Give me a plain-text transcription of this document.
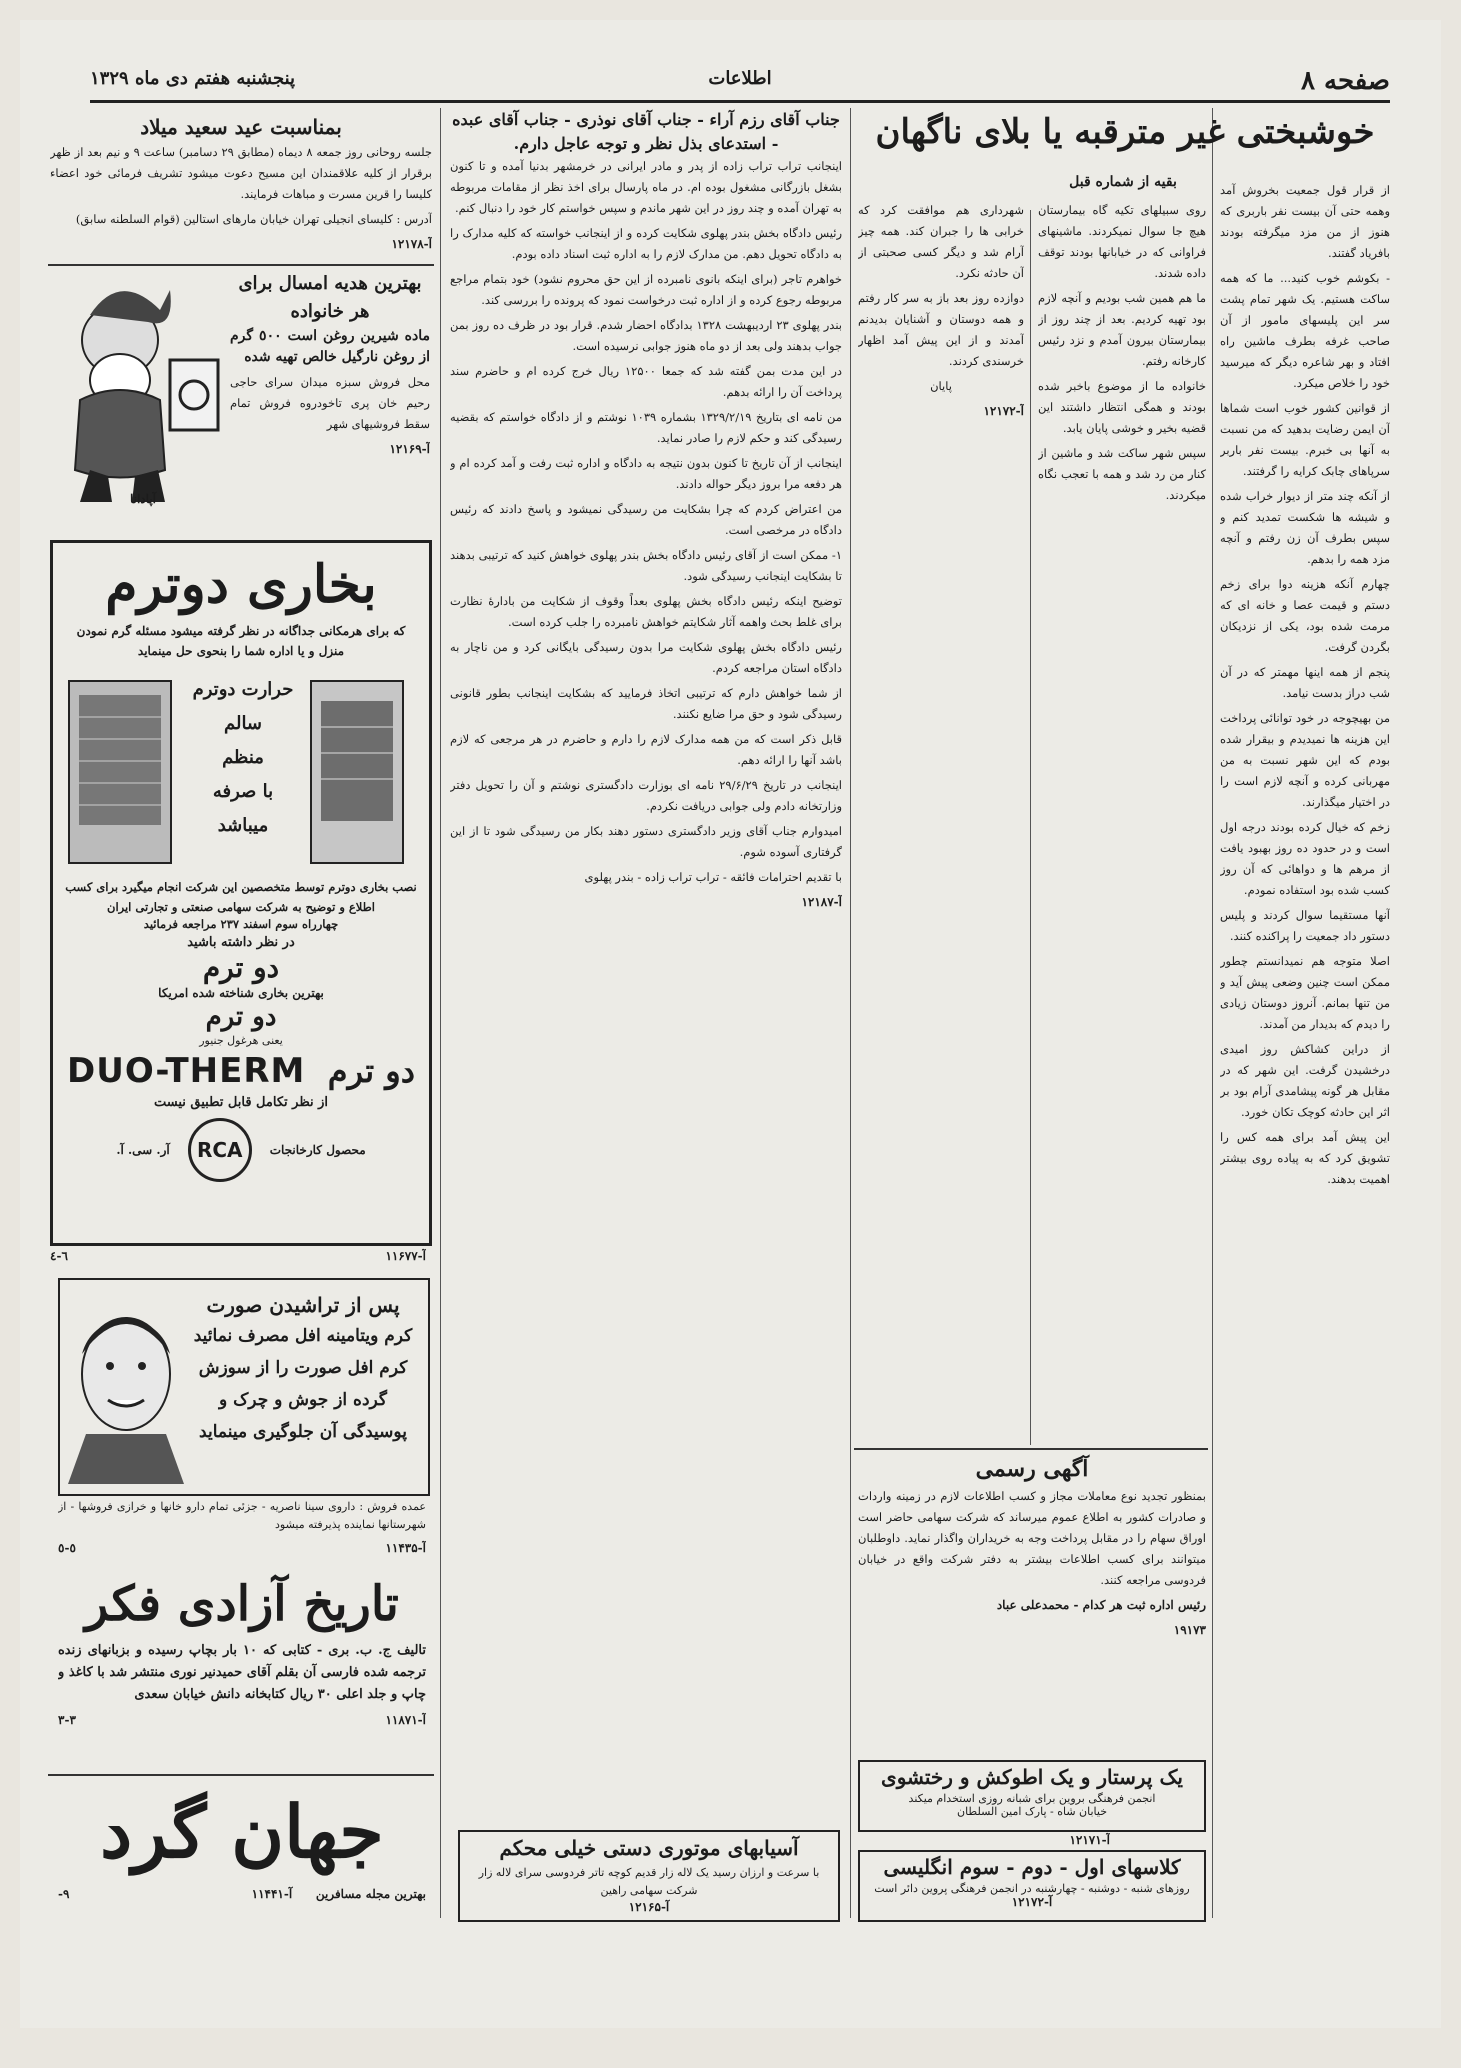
صفحه ۸
اطلاعات
پنجشنبه هفتم دی ماه ۱۳۲۹
خوشبختی غیر مترقبه یا بلای ناگهان
بقیه از شماره قبل	از قرار قول جمعیت بخروش آمد وهمه حتی آن بیست نفر باربری که هنوز از من مزد میگرفته بودند بافریاد گفتند.

- بکوشم خوب کنید... ما که همه ساکت هستیم. یک شهر تمام پشت سر این پلیسهای مامور از آن صاحب غرفه بطرف ماشین راه افتاد و بهر شاعره دیگر که میرسید خود را خلاص میکرد.

از قوانین کشور خوب است شماها آن ایمن رضایت بدهید که من نسبت به آنها بی خبرم. بیست نفر باربر سرپاهای چابک کرایه را گرفتند.

از آنکه چند متر از دیوار خراب شده و شیشه ها شکست تمدید کنم و سپس بطرف آن زن رفتم و آنچه مزد همه را بدهم.

چهارم آنکه هزینه دوا برای زخم دستم و قیمت عصا و خانه ای که مرمت شده بود، یکی از نزدیکان بگردن گرفت.

پنجم از همه اینها مهمتر که در آن شب دراز بدست نیامد.

من بهیچوجه در خود توانائی پرداخت این هزینه ها نمیدیدم و بیقرار شده بودم که این شهر نسبت به من مهربانی کرده و آنچه لازم است را در اختیار میگذارند.

زخم که خیال کرده بودند درجه اول است و در حدود ده روز بهبود یافت از مرهم ها و دواهائی که آن روز کسب شده بود استفاده نمودم.

آنها مستقیما سوال کردند و پلیس دستور داد جمعیت را پراکنده کنند.

اصلا متوجه هم نمیدانستم چطور ممکن است چنین وضعی پیش آید و من تنها بمانم. آنروز دوستان زیادی را دیدم که بدیدار من آمدند.

از دراین کشاکش روز امیدی درخشیدن گرفت. این شهر که در مقابل هر گونه پیشامدی آرام بود بر اثر این حادثه کوچک تکان خورد.

این پیش آمد برای همه کس را تشویق کرد که به پیاده روی بیشتر اهمیت بدهند.

روی سبیلهای تکیه گاه بیمارستان هیچ جا سوال نمیکردند. ماشینهای فراوانی که در خیابانها بودند توقف داده شدند.

ما هم همین شب بودیم و آنچه لازم بود تهیه کردیم. بعد از چند روز از بیمارستان بیرون آمدم و نزد رئیس کارخانه رفتم.

خانواده ما از موضوع باخبر شده بودند و همگی انتظار داشتند این قضیه بخیر و خوشی پایان یابد.

سپس شهر ساکت شد و ماشین از کنار من رد شد و همه با تعجب نگاه میکردند.

شهرداری هم موافقت کرد که خرابی ها را جبران کند. همه چیز آرام شد و دیگر کسی صحبتی از آن حادثه نکرد.

دوازده روز بعد باز به سر کار رفتم و همه دوستان و آشنایان بدیدنم آمدند و از این پیش آمد اظهار خرسندی کردند.

پایان

آ-۱۲۱۷۲

آگهی رسمی

بمنظور تجدید نوع معاملات مجاز و کسب اطلاعات لازم در زمینه واردات و صادرات کشور به اطلاع عموم میرساند که شرکت سهامی حاضر است اوراق سهام را در مقابل پرداخت وجه به خریداران واگذار نماید. داوطلبان میتوانند برای کسب اطلاعات بیشتر به دفتر شرکت واقع در خیابان فردوسی مراجعه کنند.

رئیس اداره ثبت هر کدام - محمدعلی عباد

۱۹۱۷۳

یک پرستار و یک اطوکش و رختشوی
انجمن فرهنگی بروین برای شبانه روزی استخدام میکند
خیابان شاه - پارک امین السلطان
آ-۱۲۱۷۱
کلاسهای اول - دوم - سوم انگلیسی
روزهای شنبه - دوشنبه - چهارشنبه در انجمن فرهنگی پروین دائر است
آ-۱۲۱۷۲
جناب آقای رزم آراء - جناب آقای نوذری - جناب آقای عبده - استدعای بذل نظر و توجه عاجل دارم.

اینجانب تراب تراب زاده از پدر و مادر ایرانی در خرمشهر بدنیا آمده و تا کنون بشغل بازرگانی مشغول بوده ام. در ماه پارسال برای اخذ نظر از مقامات مربوطه به تهران آمده و چند روز در این شهر ماندم و سپس خواستم کار خود را دنبال کنم.

رئیس دادگاه بخش بندر پهلوی شکایت کرده و از اینجانب خواسته که کلیه مدارک را به دادگاه تحویل دهم. من مدارک لازم را به اداره ثبت اسناد داده بودم.

خواهرم تاجر (برای اینکه بانوی نامبرده از این حق محروم نشود) خود بتمام مراجع مربوطه رجوع کرده و از اداره ثبت درخواست نمود که پرونده را بررسی کند.

بندر پهلوی ۲۳ اردیبهشت ۱۳۲۸ بدادگاه احضار شدم. قرار بود در ظرف ده روز بمن جواب بدهند ولی بعد از دو ماه هنوز جوابی نرسیده است.

در این مدت بمن گفته شد که جمعا ۱۲۵۰۰ ریال خرج کرده ام و حاضرم سند پرداخت آن را ارائه بدهم.

من نامه ای بتاریخ ۱۳۲۹/۲/۱۹ بشماره ۱۰۳۹ نوشتم و از دادگاه خواستم که بقضیه رسیدگی کند و حکم لازم را صادر نماید.

اینجانب از آن تاریخ تا کنون بدون نتیجه به دادگاه و اداره ثبت رفت و آمد کرده ام و هر دفعه مرا بروز دیگر حواله دادند.

من اعتراض کردم که چرا بشکایت من رسیدگی نمیشود و پاسخ دادند که رئیس دادگاه در مرخصی است.

۱- ممکن است از آقای رئیس دادگاه بخش بندر پهلوی خواهش کنید که ترتیبی بدهند تا بشکایت اینجانب رسیدگی شود.

توضیح اینکه رئیس دادگاه بخش پهلوی بعداً وقوف از شکایت من بادارهٔ نظارت برای غلط بحث واهمه آثار شکایتم خواهش نامبرده را جلب کرده است.

رئیس دادگاه بخش پهلوی شکایت مرا بدون رسیدگی بایگانی کرد و من ناچار به دادگاه استان مراجعه کردم.

از شما خواهش دارم که ترتیبی اتخاذ فرمایید که بشکایت اینجانب بطور قانونی رسیدگی شود و حق مرا ضایع نکنند.

قابل ذکر است که من همه مدارک لازم را دارم و حاضرم در هر مرجعی که لازم باشد آنها را ارائه دهم.

اینجانب در تاریخ ۲۹/۶/۲۹ نامه ای بوزارت دادگستری نوشتم و آن را تحویل دفتر وزارتخانه دادم ولی جوابی دریافت نکردم.

امیدوارم جناب آقای وزیر دادگستری دستور دهند بکار من رسیدگی شود تا از این گرفتاری آسوده شوم.

با تقدیم احترامات فائقه - تراب تراب زاده - بندر پهلوی

آ-۱۲۱۸۷

آسیابهای موتوری دستی خیلی محکم
با سرعت و ارزان رسید یک لاله زار قدیم کوچه تاتر فردوسی سرای لاله زار شرکت سهامی راهین
آ-۱۲۱۶۵
بمناسبت عید سعید میلاد

جلسه روحانی روز جمعه ۸ دیماه (مطابق ۲۹ دسامبر) ساعت ۹ و نیم بعد از ظهر برقرار از کلیه علاقمندان این مسیح دعوت میشود تشریف فرمائی خود اعضاء کلیسا را قرین مسرت و مباهات فرمایند.

آدرس : کلیسای انجیلی تهران خیابان مارهای استالین (قوام السلطنه سابق)

آ-۱۲۱۷۸

بهترین هدیه امسال برای هر خانواده

ماده شیرین روغن است ٥٠٠ گرم از روغن نارگیل خالص تهیه شده

محل فروش سبزه میدان سرای حاجی رحیم خان پری تاخودروه فروش تمام سقط فروشیهای شهر

آ-۱۲۱۶۹

آپادانا
بخاری دوترم
که برای هرمکانی جداگانه در نظر گرفته میشود مسئله گرم نمودن منزل و یا اداره شما را بنحوی حل مینماید
حرارت دوترم
سالم
منظم
با صرفه
میباشد
نصب بخاری دوترم توسط متخصصین این شرکت انجام میگیرد برای کسب اطلاع و توضیح به شرکت سهامی صنعتی و تجارتی ایران
چهارراه سوم اسفند ۲۳۷ مراجعه فرمائید
در نظر داشته باشید
دو ترم
بهترین بخاری شناخته شده امریکا
دو ترم
یعنی هرغول جنیور
DUO-THERM دو ترم
از نظر تکامل قابل تطبیق نیست
محصول کارخانجات
RCA
آر. سی. آ.
آ-۱۱۶۷۷
٦-٤
پس از تراشیدن صورت
کرم ویتامینه افل مصرف نمائید کرم افل صورت را از سوزش گرده از جوش و چرک و پوسیدگی آن جلوگیری مینماید

عمده فروش : داروی سینا ناصریه - جزئی تمام دارو خانها و خرازی فروشها - از شهرستانها نماینده پذیرفته میشود

آ-۱۱۴۳۵
٥-٥
تاریخ آزادی فکر

تالیف ج. ب. بری - کتابی که ۱۰ بار بچاپ رسیده و بزبانهای زنده ترجمه شده فارسی آن بقلم آقای حمیدنیر نوری منتشر شد با کاغذ و چاپ و جلد اعلی ۳۰ ریال کتابخانه دانش خیابان سعدی

آ-۱۱۸۷۱
٣-٣
جهان گرد
بهترین مجله مسافرین آ-۱۱۴۴۱
٩-
